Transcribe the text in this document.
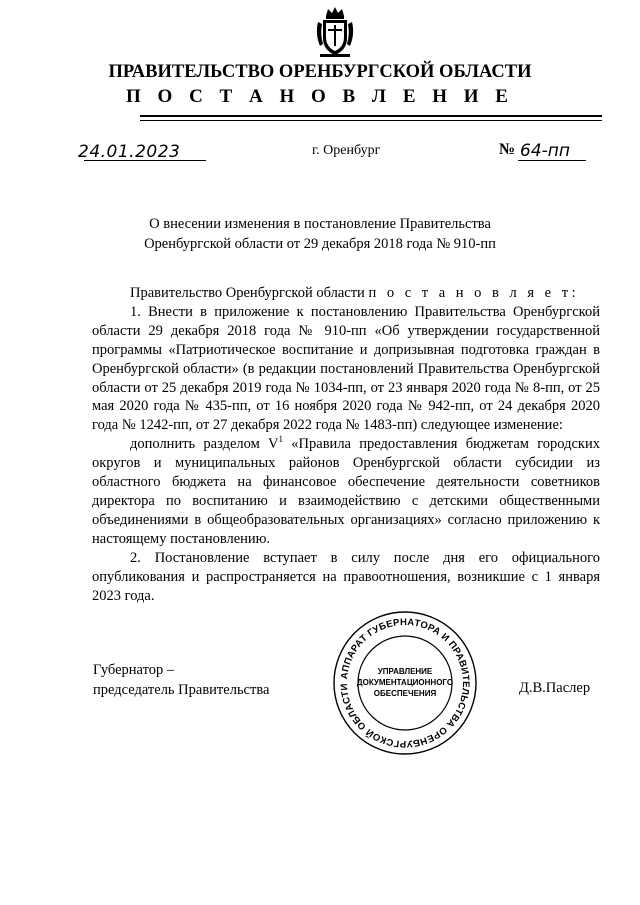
ПРАВИТЕЛЬСТВО ОРЕНБУРГСКОЙ ОБЛАСТИ
П О С Т А Н О В Л Е Н И Е
24.01.2023	г. Оренбург	№ 64-пп
О внесении изменения в постановление Правительства
Оренбургской области от 29 декабря 2018 года № 910-пп

Правительство Оренбургской области п о с т а н о в л я е т:

1. Внести в приложение к постановлению Правительства Оренбургской области 29 декабря 2018 года № 910-пп «Об утверждении государственной программы «Патриотическое воспитание и допризывная подготовка граждан в Оренбургской области» (в редакции постановлений Правительства Оренбургской области от 25 декабря 2019 года № 1034-пп, от 23 января 2020 года № 8-пп, от 25 мая 2020 года № 435-пп, от 16 ноября 2020 года № 942-пп, от 24 декабря 2020 года № 1242-пп, от 27 декабря 2022 года № 1483-пп) следующее изменение:

дополнить разделом $V^1$ «Правила предоставления бюджетам городских округов и муниципальных районов Оренбургской области субсидии из областного бюджета на финансовое обеспечение деятельности советников директора по воспитанию и взаимодействию с детскими общественными объединениями в общеобразовательных организациях» согласно приложению к настоящему постановлению.

2. Постановление вступает в силу после дня его официального опубликования и распространяется на правоотношения, возникшие с 1 января 2023 года.

Губернатор –
председатель Правительства
АППАРАТ ГУБЕРНАТОРА И ПРАВИТЕЛЬСТВА ОРЕНБУРГСКОЙ ОБЛАСТИ
УПРАВЛЕНИЕ
ДОКУМЕНТАЦИОННОГО
ОБЕСПЕЧЕНИЯ	Д.В.Паслер
